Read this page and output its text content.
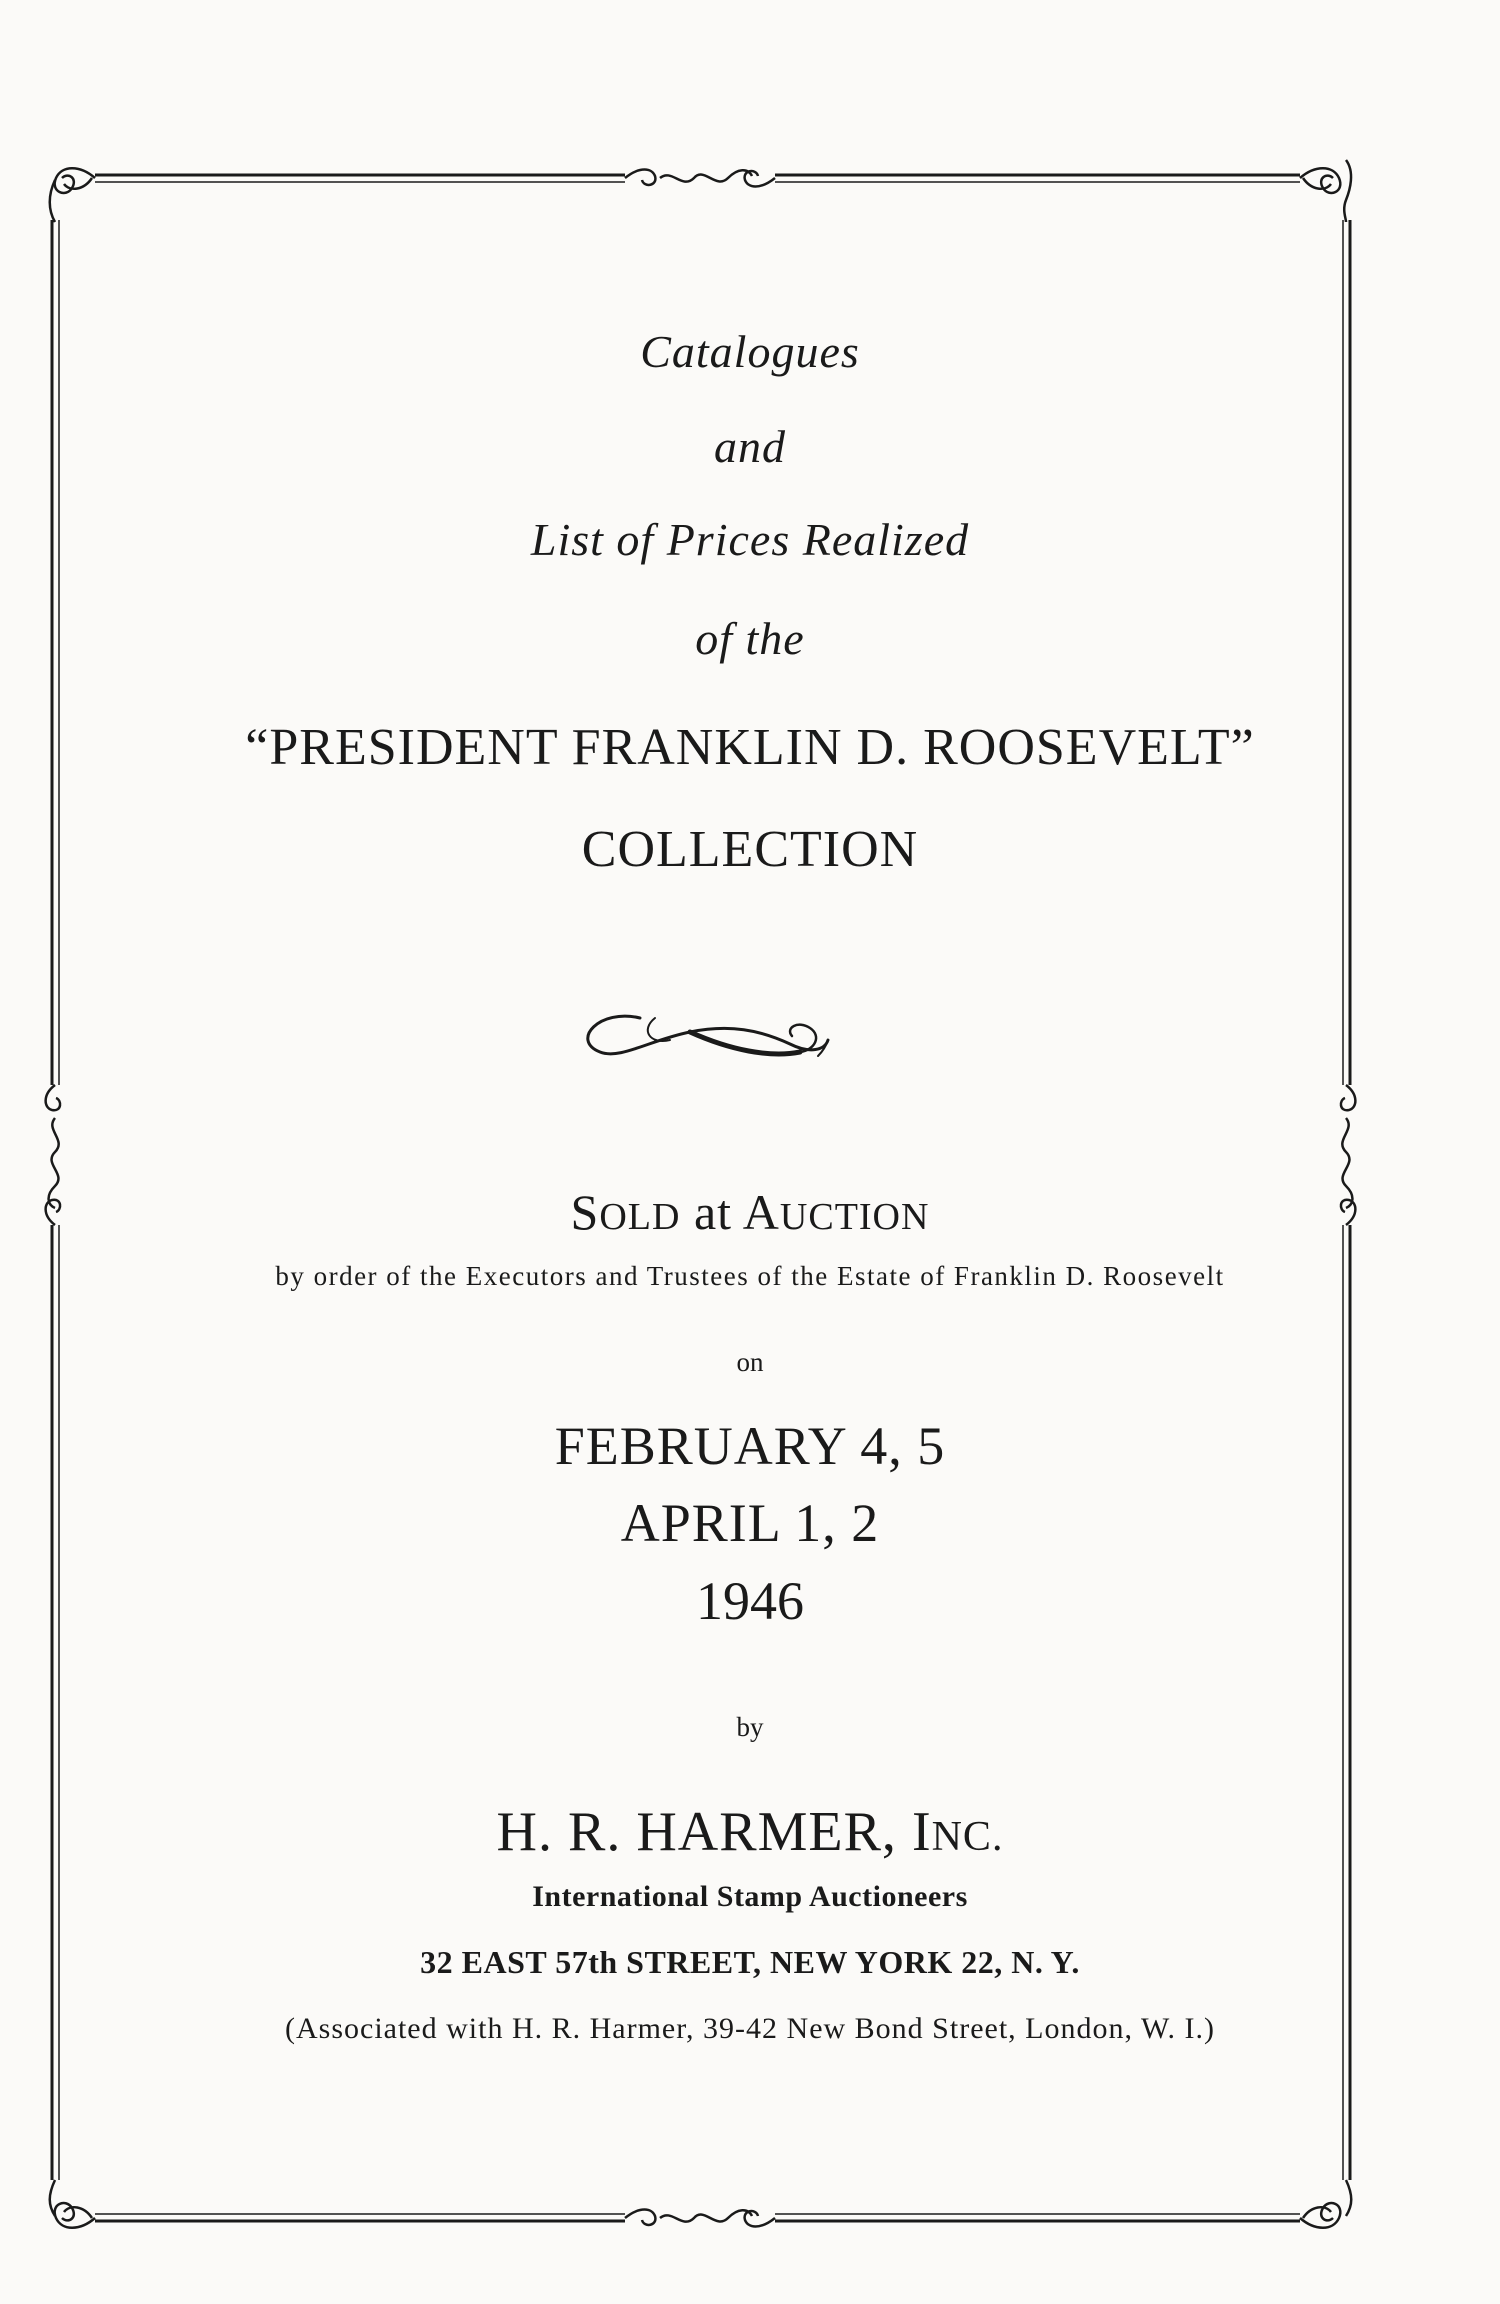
Catalogues
and
List of Prices Realized
of the
“PRESIDENT FRANKLIN D. ROOSEVELT”
COLLECTION
SOLD at AUCTION
by order of the Executors and Trustees of the Estate of Franklin D. Roosevelt
on
FEBRUARY 4, 5
APRIL 1, 2
1946
by
H. R. HARMER, INC.
International Stamp Auctioneers
32 EAST 57th STREET, NEW YORK 22, N. Y.
(Associated with H. R. Harmer, 39-42 New Bond Street, London, W. I.)
